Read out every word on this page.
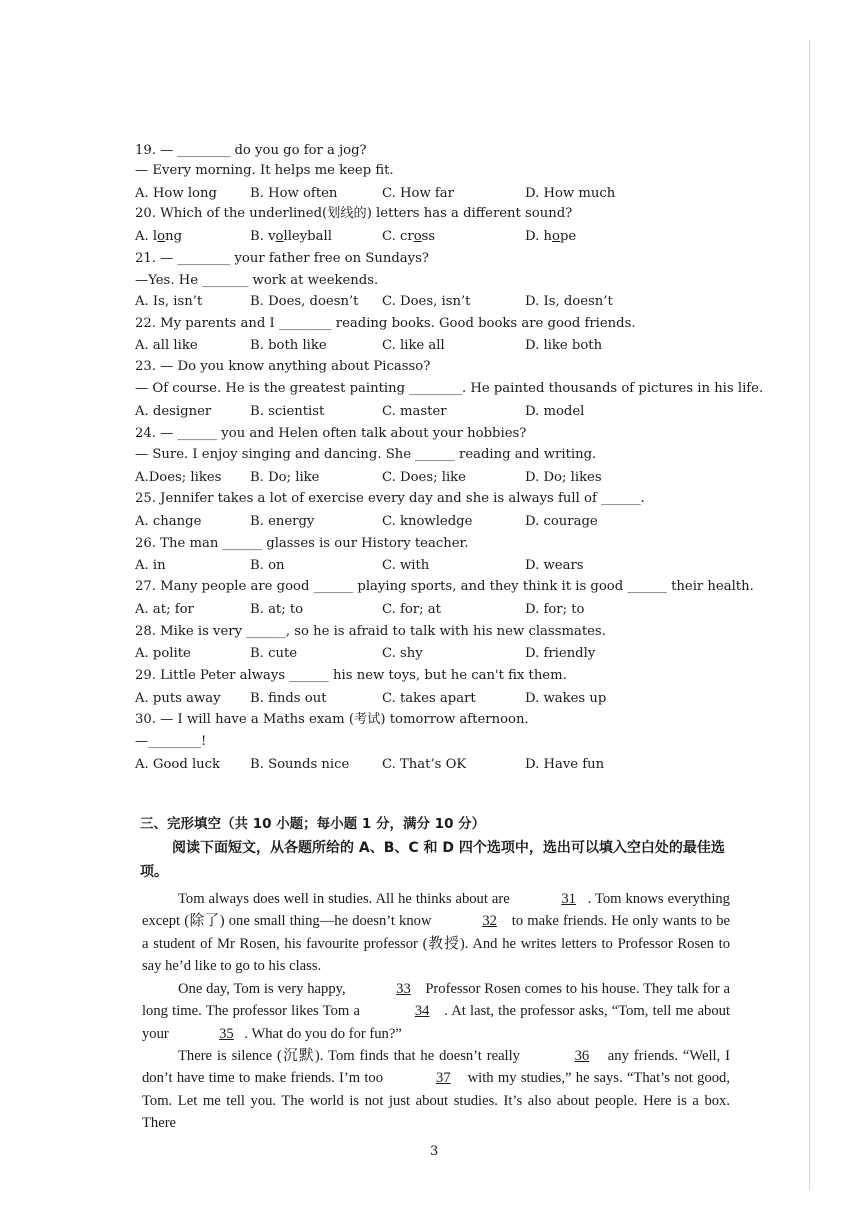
19. — ________ do you go for a jog?
— Every morning. It helps me keep fit.
A. How long	B. How often	C. How far	D. How much
20. Which of the underlined(划线的) letters has a different sound?
A. long	B. volleyball	C. cross	D. hope
21. — ________ your father free on Sundays?
—Yes. He _______ work at weekends.
A. Is, isn’t	B. Does, doesn’t C. Does, isn’t	D. Is, doesn’t
22. My parents and I ________ reading books. Good books are good friends.
A. all like	B. both like	C. like all	D. like both
23. — Do you know anything about Picasso?
— Of course. He is the greatest painting ________. He painted thousands of pictures in his life.
A. designer	B. scientist	C. master	D. model
24. — ______ you and Helen often talk about your hobbies?
— Sure. I enjoy singing and dancing. She ______ reading and writing.
A.Does; likes B. Do; like	C. Does; like	D. Do; likes
25. Jennifer takes a lot of exercise every day and she is always full of ______.
A. change	B. energy	C. knowledge	D. courage
26. The man ______ glasses is our History teacher.
A. in	B. on	C. with	D. wears
27. Many people are good ______ playing sports, and they think it is good ______ their health.
A. at; for	B. at; to	C. for; at	D. for; to
28. Mike is very ______, so he is afraid to talk with his new classmates.
A. polite	B. cute	C. shy	D. friendly
29. Little Peter always ______ his new toys, but he can't fix them.
A. puts away B. finds out	C. takes apart	D. wakes up
30. — I will have a Maths exam (考试) tomorrow afternoon.
—________!
A. Good luck B. Sounds nice C. That’s OK	D. Have fun
三、完形填空（共 10 小题；每小题 1 分，满分 10 分）
阅读下面短文，从各题所给的 A、B、C 和 D 四个选项中，选出可以填入空白处的最佳选项。
Tom always does well in studies. All he thinks about are	31 . Tom knows everything except (除了) one small thing—he doesn’t know	32 to make friends. He only wants to be a student of Mr Rosen, his favourite professor (教授). And he writes letters to Professor Rosen to say he’d like to go to his class.
One day, Tom is very happy,	33 Professor Rosen comes to his house. They talk for a long time. The professor likes Tom a	34 . At last, the professor asks, “Tom, tell me about your	35 . What do you do for fun?”
There is silence (沉默). Tom finds that he doesn’t really	36 any friends. “Well, I don’t have time to make friends. I’m too	37 with my studies,” he says. “That’s not good, Tom. Let me tell you. The world is not just about studies. It’s also about people. Here is a box. There
3
